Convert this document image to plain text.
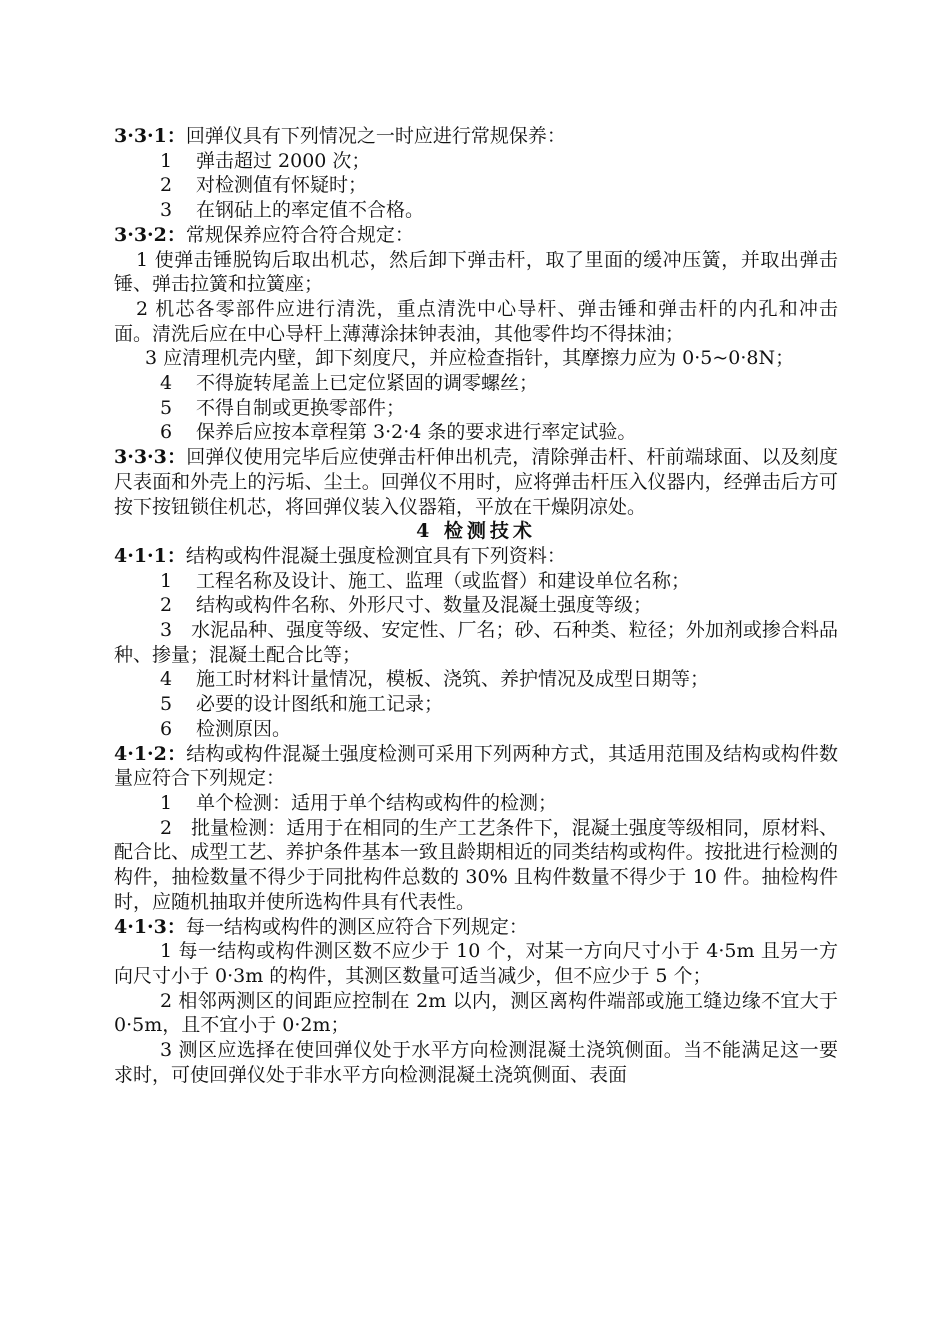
3·3·1：回弹仪具有下列情况之一时应进行常规保养：

1 弹击超过 2000 次；

2 对检测值有怀疑时；

3 在钢砧上的率定值不合格。

3·3·2：常规保养应符合符合规定：

1 使弹击锤脱钩后取出机芯，然后卸下弹击杆，取了里面的缓冲压簧，并取出弹击锤、弹击拉簧和拉簧座；

2 机芯各零部件应进行清洗，重点清洗中心导杆、弹击锤和弹击杆的内孔和冲击面。清洗后应在中心导杆上薄薄涂抹钟表油，其他零件均不得抹油；

3 应清理机壳内壁，卸下刻度尺，并应检查指针，其摩擦力应为 0·5~0·8N；

4 不得旋转尾盖上已定位紧固的调零螺丝；

5 不得自制或更换零部件；

6 保养后应按本章程第 3·2·4 条的要求进行率定试验。

3·3·3：回弹仪使用完毕后应使弹击杆伸出机壳，清除弹击杆、杆前端球面、以及刻度尺表面和外壳上的污垢、尘土。回弹仪不用时，应将弹击杆压入仪器内，经弹击后方可按下按钮锁住机芯，将回弹仪装入仪器箱，平放在干燥阴凉处。

4 检测技术

4·1·1：结构或构件混凝土强度检测宜具有下列资料：

1 工程名称及设计、施工、监理（或监督）和建设单位名称；

2 结构或构件名称、外形尺寸、数量及混凝土强度等级；

3　水泥品种、强度等级、安定性、厂名；砂、石种类、粒径；外加剂或掺合料品种、掺量；混凝土配合比等；

4 施工时材料计量情况，模板、浇筑、养护情况及成型日期等；

5 必要的设计图纸和施工记录；

6 检测原因。

4·1·2：结构或构件混凝土强度检测可采用下列两种方式，其适用范围及结构或构件数量应符合下列规定：

1 单个检测：适用于单个结构或构件的检测；

2　批量检测：适用于在相同的生产工艺条件下，混凝土强度等级相同，原材料、配合比、成型工艺、养护条件基本一致且龄期相近的同类结构或构件。按批进行检测的构件，抽检数量不得少于同批构件总数的 30% 且构件数量不得少于 10 件。抽检构件时，应随机抽取并使所选构件具有代表性。

4·1·3：每一结构或构件的测区应符合下列规定：

1 每一结构或构件测区数不应少于 10 个，对某一方向尺寸小于 4·5m 且另一方向尺寸小于 0·3m 的构件，其测区数量可适当减少，但不应少于 5 个；

2 相邻两测区的间距应控制在 2m 以内，测区离构件端部或施工缝边缘不宜大于 0·5m，且不宜小于 0·2m；

3 测区应选择在使回弹仪处于水平方向检测混凝土浇筑侧面。当不能满足这一要求时，可使回弹仪处于非水平方向检测混凝土浇筑侧面、表面
